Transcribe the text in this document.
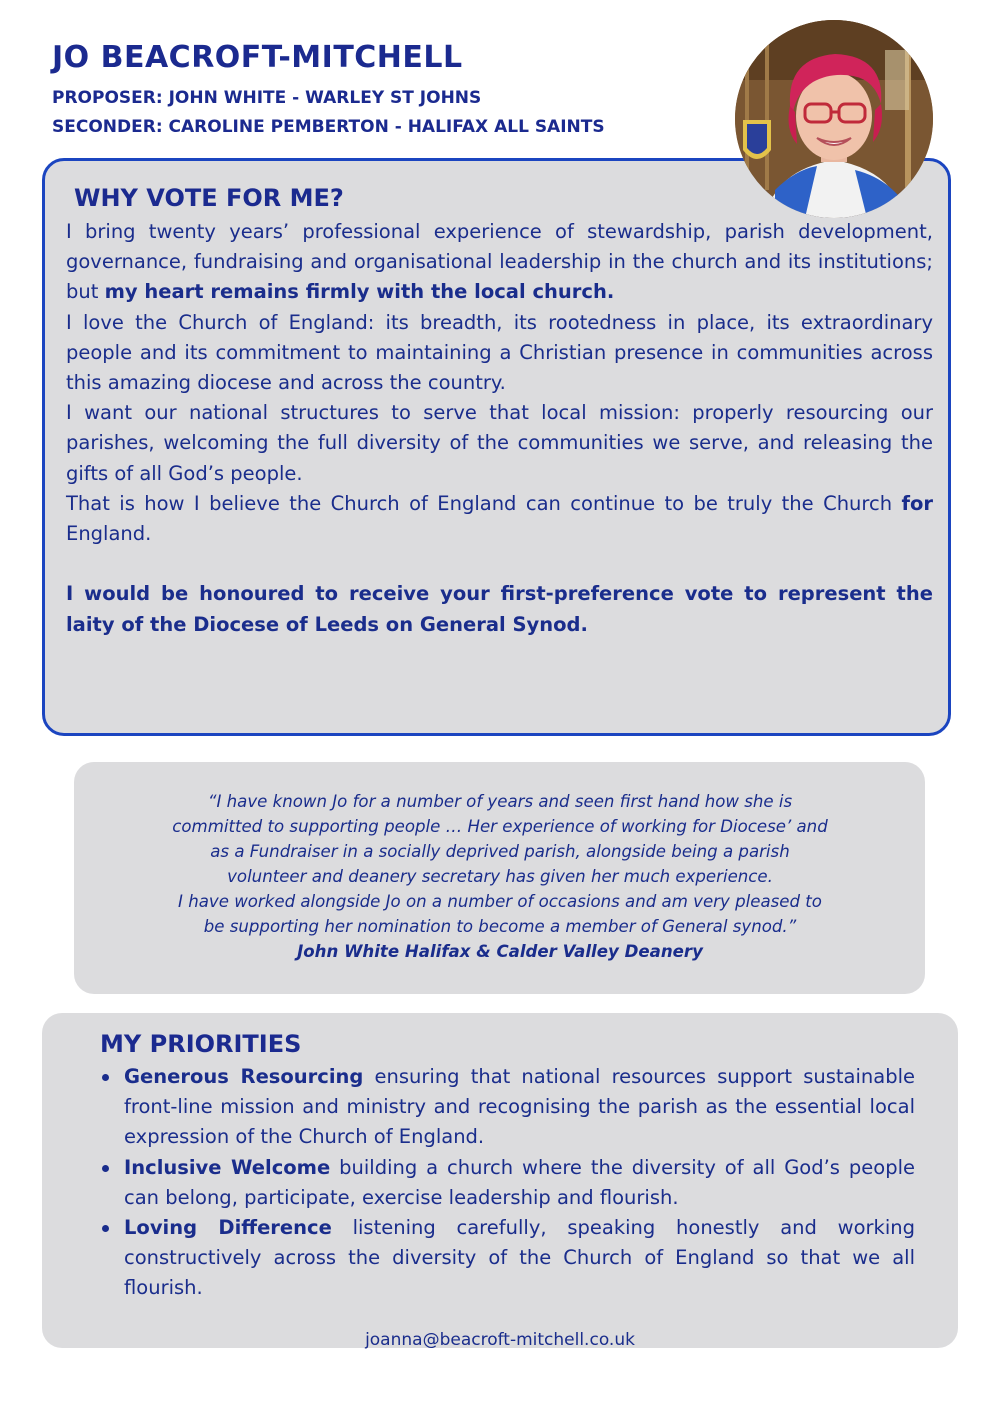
JO BEACROFT-MITCHELL

PROPOSER: JOHN WHITE - WARLEY ST JOHNS

SECONDER: CAROLINE PEMBERTON - HALIFAX ALL SAINTS

WHY VOTE FOR ME?

I bring twenty years’ professional experience of stewardship, parish development, governance, fundraising and organisational leadership in the church and its institutions; but my heart remains firmly with the local church.

I love the Church of England: its breadth, its rootedness in place, its extraordinary people and its commitment to maintaining a Christian presence in communities across this amazing diocese and across the country.

I want our national structures to serve that local mission: properly resourcing our parishes, welcoming the full diversity of the communities we serve, and releasing the gifts of all God’s people.

That is how I believe the Church of England can continue to be truly the Church for England.

I would be honoured to receive your first-preference vote to represent the laity of the Diocese of Leeds on General Synod.

“I have known Jo for a number of years and seen first hand how she is

committed to supporting people … Her experience of working for Diocese’ and

as a Fundraiser in a socially deprived parish, alongside being a parish

volunteer and deanery secretary has given her much experience.

I have worked alongside Jo on a number of occasions and am very pleased to

be supporting her nomination to become a member of General synod.”

John White Halifax & Calder Valley Deanery

MY PRIORITIES
Generous Resourcing ensuring that national resources support sustainable front-line mission and ministry and recognising the parish as the essential local expression of the Church of England.
Inclusive Welcome building a church where the diversity of all God’s people can belong, participate, exercise leadership and flourish.
Loving Difference listening carefully, speaking honestly and working constructively across the diversity of the Church of England so that we all flourish.
joanna@beacroft-mitchell.co.uk
